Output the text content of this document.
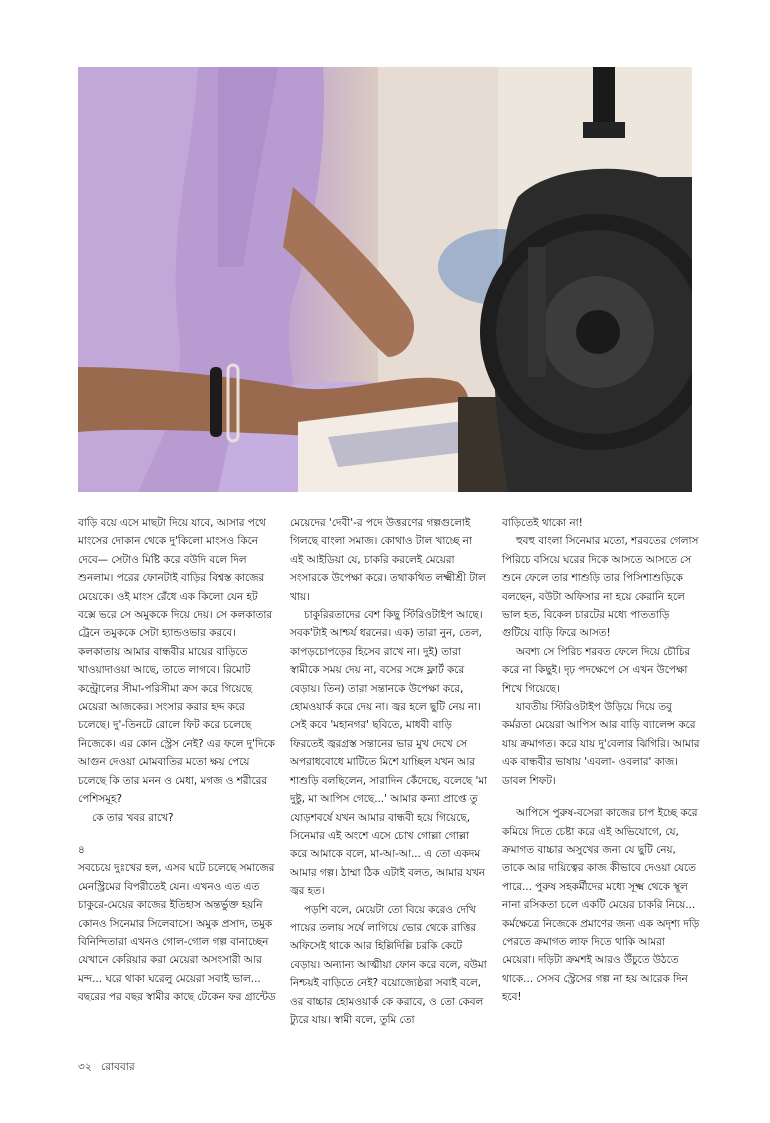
বাড়ি বয়ে এসে মাছটা দিয়ে যাবে, আসার পথে মাংসের দোকান থেকে দু'কিলো মাংসও কিনে দেবে— সেটাও মিষ্টি করে বউদি বলে দিল শুনলাম। পরের ফোনটাই বাড়ির বিশ্বস্ত কাজের মেয়েকে। ওই মাংস রেঁধে এক কিলো যেন হট বক্সে ভরে সে অমুককে দিয়ে দেয়। সে কলকাতার ট্রেনে তমুককে সেটা হ্যান্ডওভার করবে। কলকাতায় আমার বান্ধবীর মায়ের বাড়িতে খাওয়াদাওয়া আছে, তাতে লাগবে। রিমোট কন্ট্রোলের সীমা-পরিসীমা ক্রস করে গিয়েছে মেয়েরা আজকের। সংসার করার হদ্দ করে চলেছে। দু'-তিনটে রোলে ফিট করে চলেছে নিজেকে। এর কোন স্ট্রেস নেই? এর ফলে দু'দিকে আগুন দেওয়া মোমবাতির মতো ক্ষয় পেয়ে চলেছে কি তার মনন ও মেধা, মগজ ও শরীরের পেশিসমূহ?

কে তার খবর রাখে?

৪

সবচেয়ে দুঃখের হল, এসব ঘটে চলেছে সমাজের মেনস্ট্রিমের বিপরীতেই যেন। এখনও এত এত চাকুরে-মেয়ের কাজের ইতিহাস অন্তর্ভুক্ত হয়নি কোনও সিনেমার সিলেবাসে। অমুক প্রসাদ, তমুক বিনিন্দিতারা এখনও গোল-গোল গল্প বানাচ্ছেন যেখানে কেরিয়ার করা মেয়েরা অসংসারী আর মন্দ... ঘরে থাকা ঘরেলু মেয়েরা সবাই ভাল... বছরের পর বছর স্বামীর কাছে টেকেন ফর গ্রান্টেড

মেয়েদের 'দেবী'-র পদে উত্তরণের গল্পগুলোই গিলছে বাংলা সমাজ। কোথাও টাল খাচ্ছে না এই আইডিয়া যে, চাকরি করলেই মেয়েরা সংসারকে উপেক্ষা করে। তথাকথিত লক্ষ্মীশ্রী টাল খায়।

চাকুরিরতাদের বেশ কিছু স্টিরিওটাইপ আছে। সবক'টাই আশ্চর্য ধরনের। এক) তারা নুন, তেল, কাপড়চোপড়ের হিসেব রাখে না। দুই) তারা স্বামীকে সময় দেয় না, বসের সঙ্গে ফ্লার্ট করে বেড়ায়। তিন) তারা সন্তানকে উপেক্ষা করে, হোমওয়ার্ক করে দেয় না। জ্বর হলে ছুটি নেয় না। সেই কবে 'মহানগর' ছবিতে, মাধবী বাড়ি ফিরতেই জ্বরগ্রস্ত সন্তানের ভার মুখ দেখে সে অপরাধবোধে মাটিতে মিশে যাচ্ছিল যখন আর শাশুড়ি বলছিলেন, সারাদিন কেঁদেছে, বলেছে 'মা দুষ্টু, মা আপিস গেছে...' আমার কন্যা প্রাপ্তে তু যোড়শবর্ষে যখন আমার বান্ধবী হয়ে গিয়েছে, সিনেমার এই অংশে এসে চোখ গোল্লা গোল্লা করে আমাকে বলে, মা-আ-আ... এ তো একদম আমার গল্প। ঠাম্মা ঠিক এটাই বলত, আমার যখন জ্বর হত।

পড়শি বলে, মেয়েটা তো বিয়ে করেও দেখি পায়ের তলায় সর্ষে লাগিয়ে ভোর থেকে রাত্তির অফিসেই থাকে আর হিল্লিদিল্লি চরকি কেটে বেড়ায়। অন্যান্য আত্মীয়া ফোন করে বলে, বউমা নিশ্চয়ই বাড়িতে নেই? বয়োজ্যেষ্ঠরা সবাই বলে, ওর বাচ্চার হোমওয়ার্ক কে করাবে, ও তো কেবল ট্যুরে যায়। স্বামী বলে, তুমি তো

বাড়িতেই থাকো না!

হুবহু বাংলা সিনেমার মতো, শরবতের গেলাস পিরিচে বসিয়ে ঘরের দিকে আসতে আসতে সে শুনে ফেলে তার শাশুড়ি তার পিসিশাশুড়িকে বলছেন, বউটা অফিসার না হয়ে কেরানি হলে ভাল হত, বিকেল চারটের মধ্যে পাততাড়ি গুটিয়ে বাড়ি ফিরে আসত!

অবশ্য সে পিরিচ শরবত ফেলে দিয়ে চৌচির করে না কিছুই। দৃঢ় পদক্ষেপে সে এখন উপেক্ষা শিখে গিয়েছে।

যাবতীয় স্টিরিওটাইপ উড়িয়ে দিয়ে তবু কর্মরতা মেয়েরা আপিস আর বাড়ি ব্যালেন্স করে যায় ক্রমাগত। করে যায় দু'বেলার ঝিগিরি। আমার এক বান্ধবীর ভাষায় 'এবলা- ওবলার' কাজ। ডাবল শিফট।

আপিসে পুরুষ-বসেরা কাজের চাপ ইচ্ছে করে কমিয়ে দিতে চেষ্টা করে এই অভিযোগে, যে, ক্রমাগত বাচ্চার অসুখের জন্য যে ছুটি নেয়, তাকে আর দায়িত্বের কাজ কীভাবে দেওয়া যেতে পারে... পুরুষ সহকর্মীদের মধ্যে সূক্ষ্ম থেকে স্থূল নানা রসিকতা চলে একটি মেয়ের চাকরি নিয়ে... কর্মক্ষেত্রে নিজেকে প্রমাণের জন্য এক অদৃশ্য দড়ি পেরতে ক্রমাগত লাফ দিতে থাকি আমরা মেয়েরা। দড়িটা ক্রমশই আরও উঁচুতে উঠতে থাকে... সেসব স্ট্রেসের গল্প না হয় আরেক দিন হবে!

৩২ রোববার
